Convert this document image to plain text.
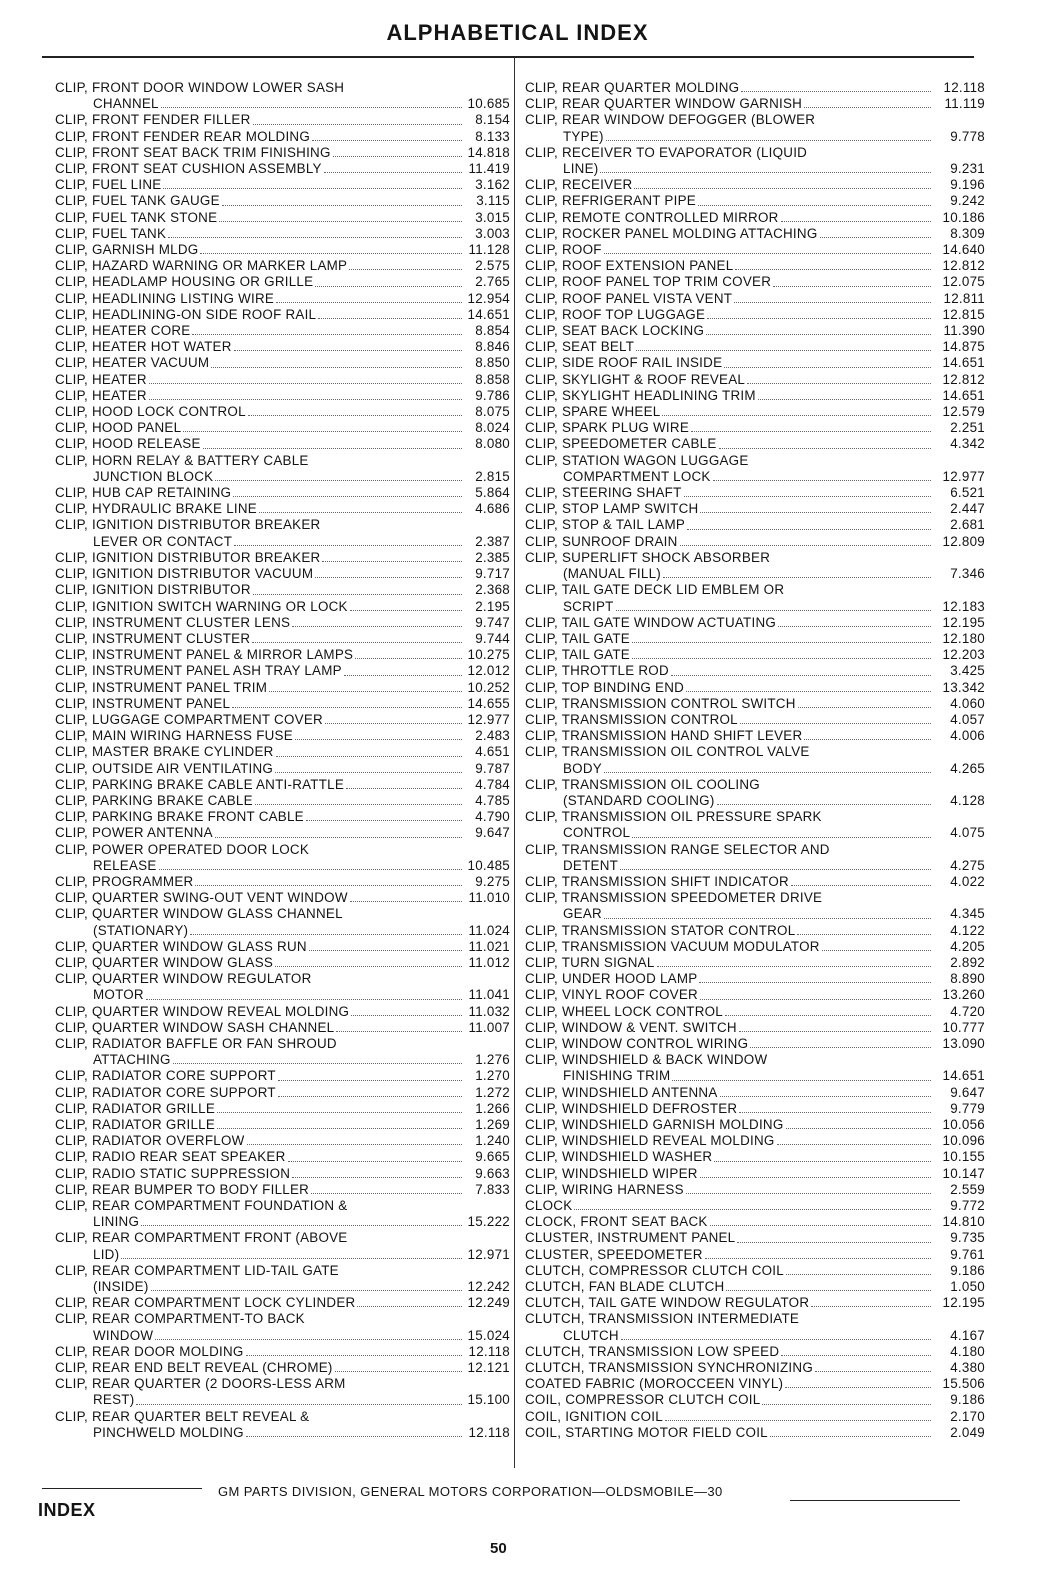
ALPHABETICAL INDEX
CLIP, FRONT DOOR WINDOW LOWER SASH
CHANNEL	10.685
CLIP, FRONT FENDER FILLER	8.154
CLIP, FRONT FENDER REAR MOLDING	8.133
CLIP, FRONT SEAT BACK TRIM FINISHING	14.818
CLIP, FRONT SEAT CUSHION ASSEMBLY	11.419
CLIP, FUEL LINE	3.162
CLIP, FUEL TANK GAUGE	3.115
CLIP, FUEL TANK STONE	3.015
CLIP, FUEL TANK	3.003
CLIP, GARNISH MLDG	11.128
CLIP, HAZARD WARNING OR MARKER LAMP	2.575
CLIP, HEADLAMP HOUSING OR GRILLE	2.765
CLIP, HEADLINING LISTING WIRE	12.954
CLIP, HEADLINING-ON SIDE ROOF RAIL	14.651
CLIP, HEATER CORE	8.854
CLIP, HEATER HOT WATER	8.846
CLIP, HEATER VACUUM	8.850
CLIP, HEATER	8.858
CLIP, HEATER	9.786
CLIP, HOOD LOCK CONTROL	8.075
CLIP, HOOD PANEL	8.024
CLIP, HOOD RELEASE	8.080
CLIP, HORN RELAY & BATTERY CABLE
JUNCTION BLOCK	2.815
CLIP, HUB CAP RETAINING	5.864
CLIP, HYDRAULIC BRAKE LINE	4.686
CLIP, IGNITION DISTRIBUTOR BREAKER
LEVER OR CONTACT	2.387
CLIP, IGNITION DISTRIBUTOR BREAKER	2.385
CLIP, IGNITION DISTRIBUTOR VACUUM	9.717
CLIP, IGNITION DISTRIBUTOR	2.368
CLIP, IGNITION SWITCH WARNING OR LOCK	2.195
CLIP, INSTRUMENT CLUSTER LENS	9.747
CLIP, INSTRUMENT CLUSTER	9.744
CLIP, INSTRUMENT PANEL & MIRROR LAMPS	10.275
CLIP, INSTRUMENT PANEL ASH TRAY LAMP	12.012
CLIP, INSTRUMENT PANEL TRIM	10.252
CLIP, INSTRUMENT PANEL	14.655
CLIP, LUGGAGE COMPARTMENT COVER	12.977
CLIP, MAIN WIRING HARNESS FUSE	2.483
CLIP, MASTER BRAKE CYLINDER	4.651
CLIP, OUTSIDE AIR VENTILATING	9.787
CLIP, PARKING BRAKE CABLE ANTI-RATTLE	4.784
CLIP, PARKING BRAKE CABLE	4.785
CLIP, PARKING BRAKE FRONT CABLE	4.790
CLIP, POWER ANTENNA	9.647
CLIP, POWER OPERATED DOOR LOCK
RELEASE	10.485
CLIP, PROGRAMMER	9.275
CLIP, QUARTER SWING-OUT VENT WINDOW	11.010
CLIP, QUARTER WINDOW GLASS CHANNEL
(STATIONARY)	11.024
CLIP, QUARTER WINDOW GLASS RUN	11.021
CLIP, QUARTER WINDOW GLASS	11.012
CLIP, QUARTER WINDOW REGULATOR
MOTOR	11.041
CLIP, QUARTER WINDOW REVEAL MOLDING	11.032
CLIP, QUARTER WINDOW SASH CHANNEL	11.007
CLIP, RADIATOR BAFFLE OR FAN SHROUD
ATTACHING	1.276
CLIP, RADIATOR CORE SUPPORT	1.270
CLIP, RADIATOR CORE SUPPORT	1.272
CLIP, RADIATOR GRILLE	1.266
CLIP, RADIATOR GRILLE	1.269
CLIP, RADIATOR OVERFLOW	1.240
CLIP, RADIO REAR SEAT SPEAKER	9.665
CLIP, RADIO STATIC SUPPRESSION	9.663
CLIP, REAR BUMPER TO BODY FILLER	7.833
CLIP, REAR COMPARTMENT FOUNDATION &
LINING	15.222
CLIP, REAR COMPARTMENT FRONT (ABOVE
LID)	12.971
CLIP, REAR COMPARTMENT LID-TAIL GATE
(INSIDE)	12.242
CLIP, REAR COMPARTMENT LOCK CYLINDER	12.249
CLIP, REAR COMPARTMENT-TO BACK
WINDOW	15.024
CLIP, REAR DOOR MOLDING	12.118
CLIP, REAR END BELT REVEAL (CHROME)	12.121
CLIP, REAR QUARTER (2 DOORS-LESS ARM
REST)	15.100
CLIP, REAR QUARTER BELT REVEAL &
PINCHWELD MOLDING	12.118
CLIP, REAR QUARTER MOLDING	12.118
CLIP, REAR QUARTER WINDOW GARNISH	11.119
CLIP, REAR WINDOW DEFOGGER (BLOWER
TYPE)	9.778
CLIP, RECEIVER TO EVAPORATOR (LIQUID
LINE)	9.231
CLIP, RECEIVER	9.196
CLIP, REFRIGERANT PIPE	9.242
CLIP, REMOTE CONTROLLED MIRROR	10.186
CLIP, ROCKER PANEL MOLDING ATTACHING	8.309
CLIP, ROOF	14.640
CLIP, ROOF EXTENSION PANEL	12.812
CLIP, ROOF PANEL TOP TRIM COVER	12.075
CLIP, ROOF PANEL VISTA VENT	12.811
CLIP, ROOF TOP LUGGAGE	12.815
CLIP, SEAT BACK LOCKING	11.390
CLIP, SEAT BELT	14.875
CLIP, SIDE ROOF RAIL INSIDE	14.651
CLIP, SKYLIGHT & ROOF REVEAL	12.812
CLIP, SKYLIGHT HEADLINING TRIM	14.651
CLIP, SPARE WHEEL	12.579
CLIP, SPARK PLUG WIRE	2.251
CLIP, SPEEDOMETER CABLE	4.342
CLIP, STATION WAGON LUGGAGE
COMPARTMENT LOCK	12.977
CLIP, STEERING SHAFT	6.521
CLIP, STOP LAMP SWITCH	2.447
CLIP, STOP & TAIL LAMP	2.681
CLIP, SUNROOF DRAIN	12.809
CLIP, SUPERLIFT SHOCK ABSORBER
(MANUAL FILL)	7.346
CLIP, TAIL GATE DECK LID EMBLEM OR
SCRIPT	12.183
CLIP, TAIL GATE WINDOW ACTUATING	12.195
CLIP, TAIL GATE	12.180
CLIP, TAIL GATE	12.203
CLIP, THROTTLE ROD	3.425
CLIP, TOP BINDING END	13.342
CLIP, TRANSMISSION CONTROL SWITCH	4.060
CLIP, TRANSMISSION CONTROL	4.057
CLIP, TRANSMISSION HAND SHIFT LEVER	4.006
CLIP, TRANSMISSION OIL CONTROL VALVE
BODY	4.265
CLIP, TRANSMISSION OIL COOLING
(STANDARD COOLING)	4.128
CLIP, TRANSMISSION OIL PRESSURE SPARK
CONTROL	4.075
CLIP, TRANSMISSION RANGE SELECTOR AND
DETENT	4.275
CLIP, TRANSMISSION SHIFT INDICATOR	4.022
CLIP, TRANSMISSION SPEEDOMETER DRIVE
GEAR	4.345
CLIP, TRANSMISSION STATOR CONTROL	4.122
CLIP, TRANSMISSION VACUUM MODULATOR	4.205
CLIP, TURN SIGNAL	2.892
CLIP, UNDER HOOD LAMP	8.890
CLIP, VINYL ROOF COVER	13.260
CLIP, WHEEL LOCK CONTROL	4.720
CLIP, WINDOW & VENT. SWITCH	10.777
CLIP, WINDOW CONTROL WIRING	13.090
CLIP, WINDSHIELD & BACK WINDOW
FINISHING TRIM	14.651
CLIP, WINDSHIELD ANTENNA	9.647
CLIP, WINDSHIELD DEFROSTER	9.779
CLIP, WINDSHIELD GARNISH MOLDING	10.056
CLIP, WINDSHIELD REVEAL MOLDING	10.096
CLIP, WINDSHIELD WASHER	10.155
CLIP, WINDSHIELD WIPER	10.147
CLIP, WIRING HARNESS	2.559
CLOCK	9.772
CLOCK, FRONT SEAT BACK	14.810
CLUSTER, INSTRUMENT PANEL	9.735
CLUSTER, SPEEDOMETER	9.761
CLUTCH, COMPRESSOR CLUTCH COIL	9.186
CLUTCH, FAN BLADE CLUTCH	1.050
CLUTCH, TAIL GATE WINDOW REGULATOR	12.195
CLUTCH, TRANSMISSION INTERMEDIATE
CLUTCH	4.167
CLUTCH, TRANSMISSION LOW SPEED	4.180
CLUTCH, TRANSMISSION SYNCHRONIZING	4.380
COATED FABRIC (MOROCCEEN VINYL)	15.506
COIL, COMPRESSOR CLUTCH COIL	9.186
COIL, IGNITION COIL	2.170
COIL, STARTING MOTOR FIELD COIL	2.049
GM PARTS DIVISION, GENERAL MOTORS CORPORATION—OLDSMOBILE—30
INDEX
50
